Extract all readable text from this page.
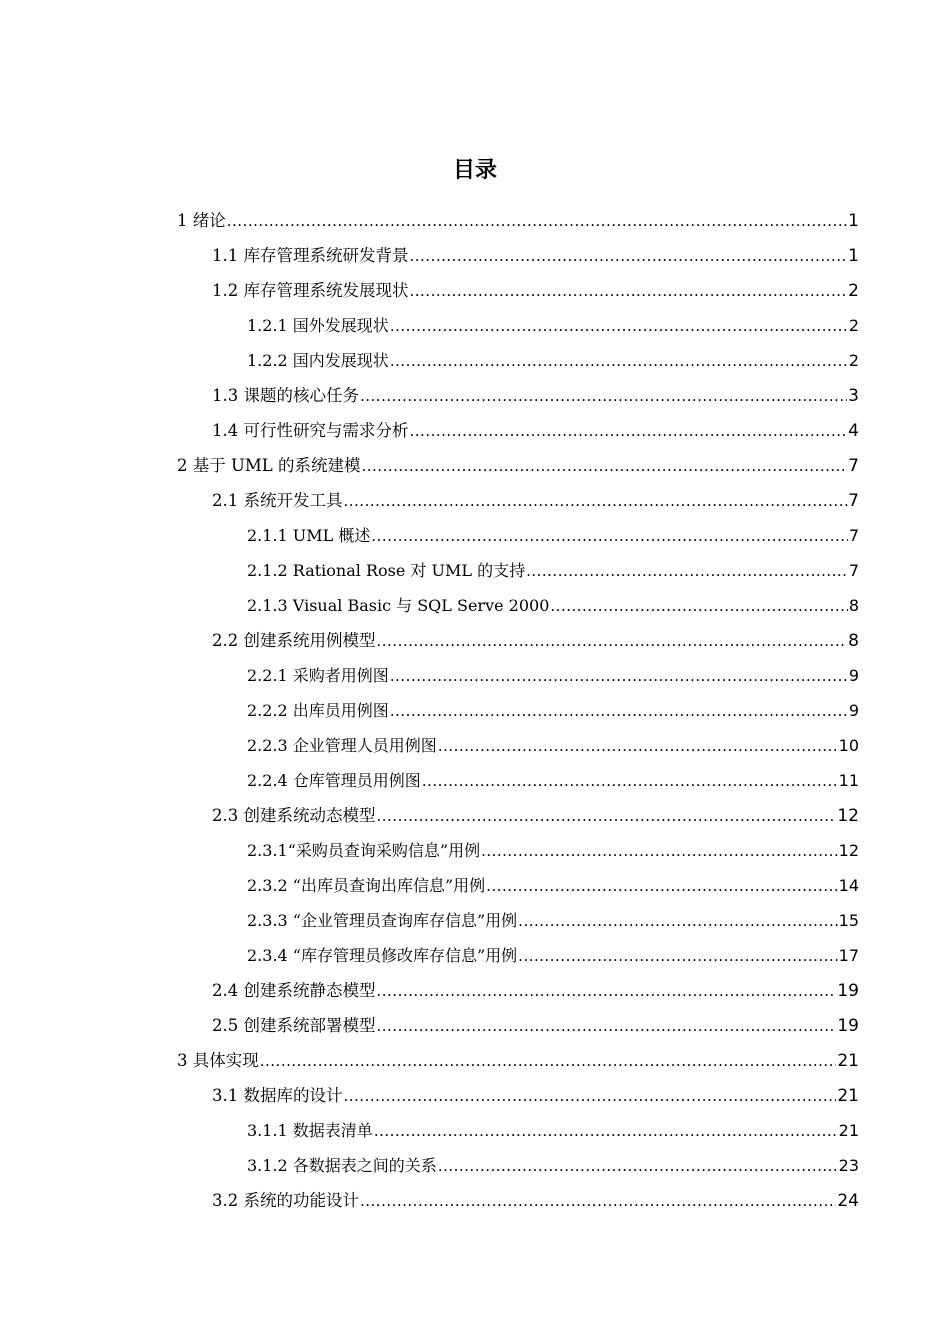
目录
1 绪论 .....	1
1.1 库存管理系统研发背景 .....	1
1.2 库存管理系统发展现状 .....	2
1.2.1 国外发展现状 .....	2
1.2.2 国内发展现状 .....	2
1.3 课题的核心任务 .....	3
1.4 可行性研究与需求分析 .....	4
2 基于 UML 的系统建模 .....	7
2.1 系统开发工具 .....	7
2.1.1 UML 概述 .....	7
2.1.2 Rational Rose 对 UML 的支持 .....	7
2.1.3 Visual Basic 与 SQL Serve 2000 .....	8
2.2 创建系统用例模型 .....	8
2.2.1 采购者用例图 .....	9
2.2.2 出库员用例图 .....	9
2.2.3 企业管理人员用例图 .....	10
2.2.4 仓库管理员用例图 .....	11
2.3 创建系统动态模型 .....	12
2.3.1“采购员查询采购信息”用例 .....	12
2.3.2 “出库员查询出库信息”用例 .....	14
2.3.3 “企业管理员查询库存信息”用例 .....	15
2.3.4 “库存管理员修改库存信息”用例 .....	17
2.4 创建系统静态模型 .....	19
2.5 创建系统部署模型 .....	19
3 具体实现 .....	21
3.1 数据库的设计 .....	21
3.1.1 数据表清单 .....	21
3.1.2 各数据表之间的关系 .....	23
3.2 系统的功能设计 .....	24
